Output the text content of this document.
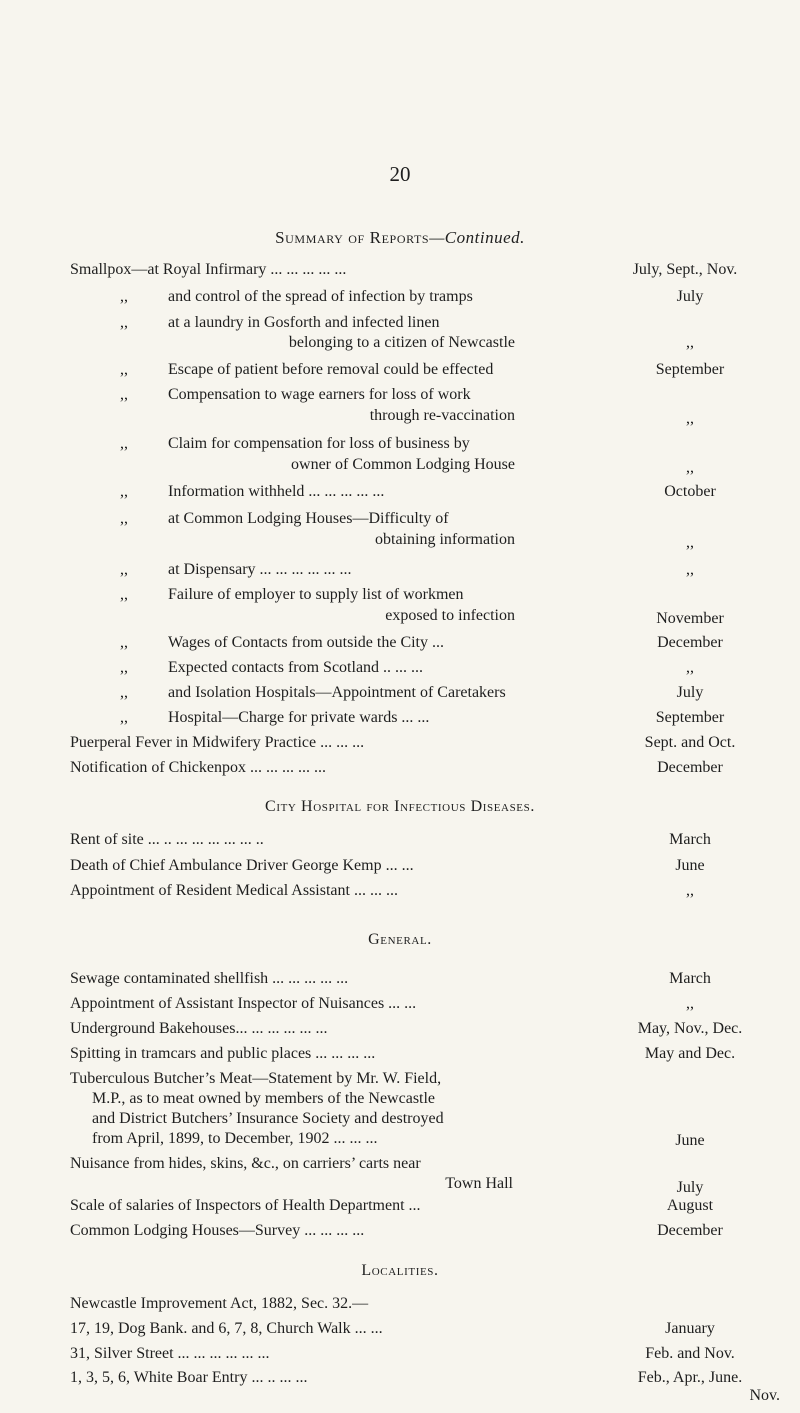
20
Summary of Reports—Continued.
Smallpox—at Royal Infirmary ... ... ... ... ...	July, Sept., Nov.
,,	and control of the spread of infection by tramps	July
,,	at a laundry in Gosforth and infected linen
belonging to a citizen of Newcastle	,,
,,	Escape of patient before removal could be effected	September
,,	Compensation to wage earners for loss of work
through re-vaccination	,,
,,	Claim for compensation for loss of business by
owner of Common Lodging House	,,
,,	Information withheld ... ... ... ... ...	October
,,	at Common Lodging Houses—Difficulty of
obtaining information	,,
,,	at Dispensary ... ... ... ... ... ...	,,
,,	Failure of employer to supply list of workmen
exposed to infection	November
,,	Wages of Contacts from outside the City ...	December
,,	Expected contacts from Scotland .. ... ...	,,
,,	and Isolation Hospitals—Appointment of Caretakers	July
,,	Hospital—Charge for private wards ... ...	September
Puerperal Fever in Midwifery Practice ... ... ...	Sept. and Oct.
Notification of Chickenpox ... ... ... ... ...	December
City Hospital for Infectious Diseases.
Rent of site ... .. ... ... ... ... ... ..	March
Death of Chief Ambulance Driver George Kemp ... ...	June
Appointment of Resident Medical Assistant ... ... ...	,,
General.
Sewage contaminated shellfish ... ... ... ... ...	March
Appointment of Assistant Inspector of Nuisances ... ...	,,
Underground Bakehouses... ... ... ... ... ...	May, Nov., Dec.
Spitting in tramcars and public places ... ... ... ...	May and Dec.
Tuberculous Butcher’s Meat—Statement by Mr. W. Field,
M.P., as to meat owned by members of the Newcastle
and District Butchers’ Insurance Society and destroyed
from April, 1899, to December, 1902 ... ... ...	June
Nuisance from hides, skins, &c., on carriers’ carts near
Town Hall	July
Scale of salaries of Inspectors of Health Department ...	August
Common Lodging Houses—Survey ... ... ... ...	December
Localities.
Newcastle Improvement Act, 1882, Sec. 32.—
17, 19, Dog Bank. and 6, 7, 8, Church Walk ... ...	January
31, Silver Street ... ... ... ... ... ...	Feb. and Nov.
1, 3, 5, 6, White Boar Entry ... .. ... ...	Feb., Apr., June.
Nov.
